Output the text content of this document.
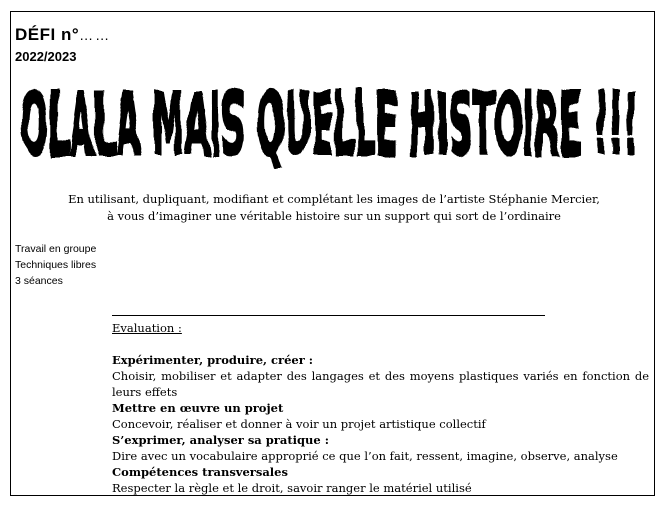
DÉFI n°……
2022/2023
OLALA MAIS QUELLE HISTOIRE !!!
En utilisant, dupliquant, modifiant et complétant les images de l’artiste Stéphanie Mercier,
à vous d’imaginer une véritable histoire sur un support qui sort de l’ordinaire
Travail en groupe
Techniques libres
3 séances
Evaluation :
Expérimenter, produire, créer :
Choisir, mobiliser et adapter des langages et des moyens plastiques variés en fonction de leurs effets
Mettre en œuvre un projet
Concevoir, réaliser et donner à voir un projet artistique collectif
S’exprimer, analyser sa pratique :
Dire avec un vocabulaire approprié ce que l’on fait, ressent, imagine, observe, analyse
Compétences transversales
Respecter la règle et le droit, savoir ranger le matériel utilisé
